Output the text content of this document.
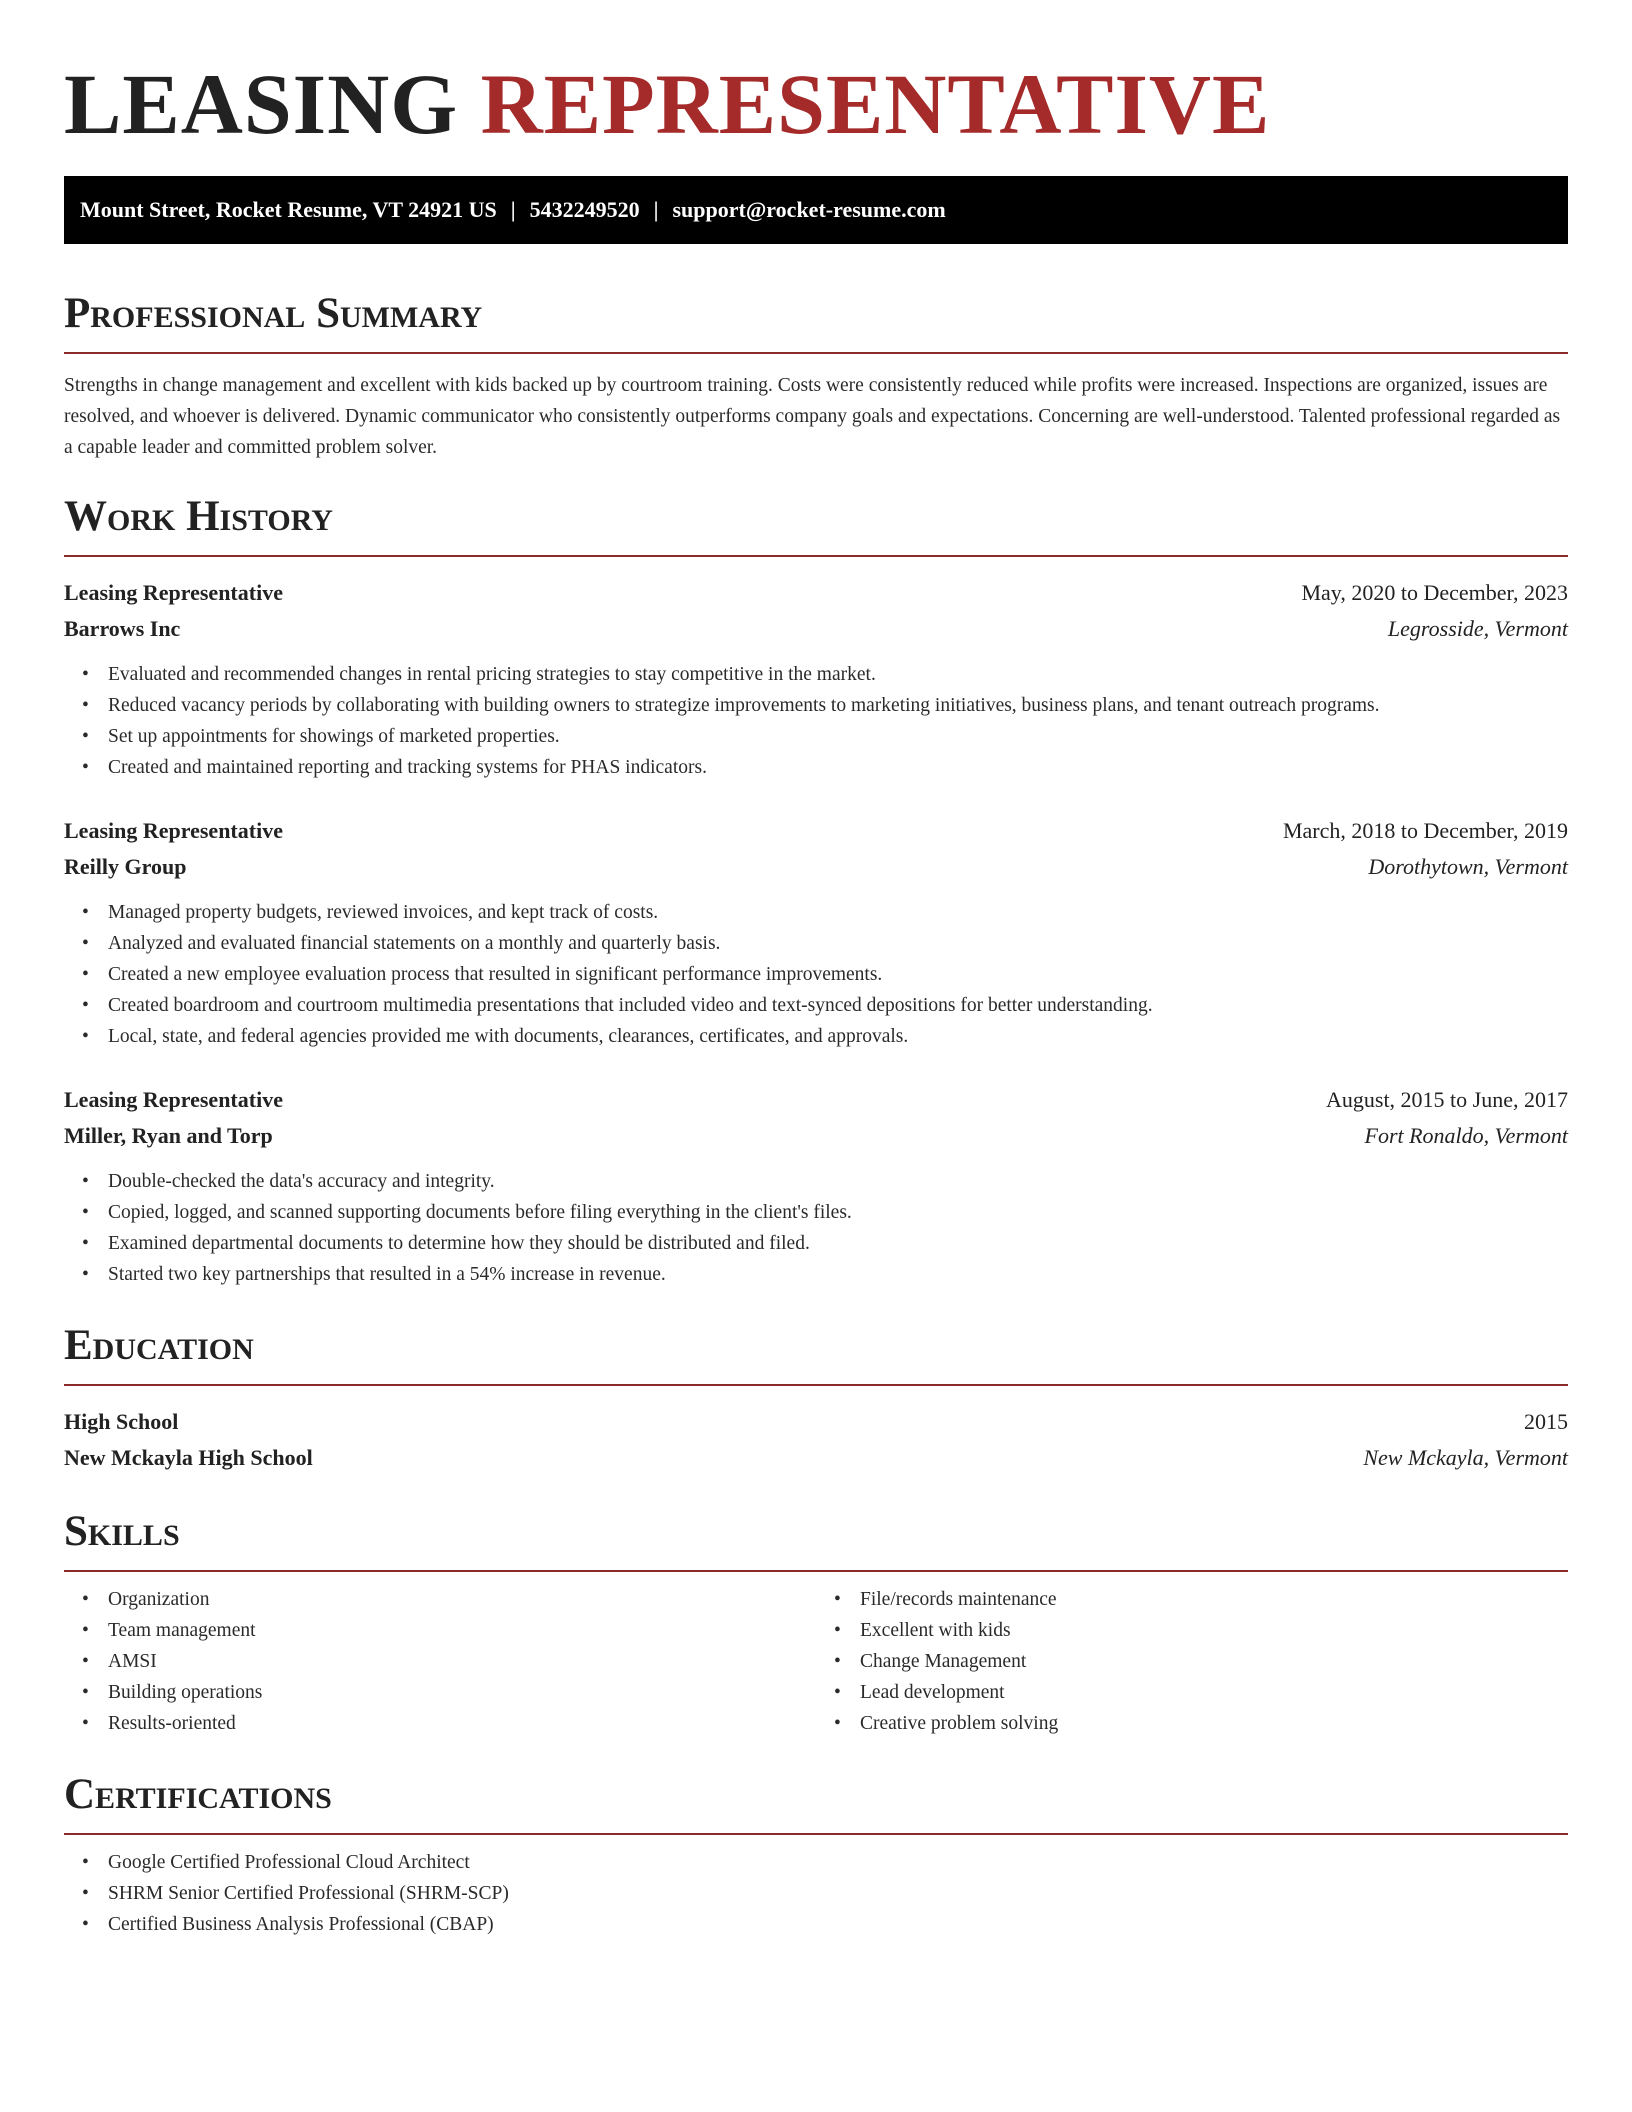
LEASING REPRESENTATIVE
Mount Street, Rocket Resume, VT 24921 US | 5432249520 | support@rocket-resume.com
Professional Summary

Strengths in change management and excellent with kids backed up by courtroom training. Costs were consistently reduced while profits were increased. Inspections are organized, issues are resolved, and whoever is delivered. Dynamic communicator who consistently outperforms company goals and expectations. Concerning are well-understood. Talented professional regarded as a capable leader and committed problem solver.

Work History
Leasing Representative	May, 2020 to December, 2023
Barrows Inc	Legrosside, Vermont
• Evaluated and recommended changes in rental pricing strategies to stay competitive in the market.
• Reduced vacancy periods by collaborating with building owners to strategize improvements to marketing initiatives, business plans, and tenant outreach programs.
• Set up appointments for showings of marketed properties.
• Created and maintained reporting and tracking systems for PHAS indicators.
Leasing Representative	March, 2018 to December, 2019
Reilly Group	Dorothytown, Vermont
• Managed property budgets, reviewed invoices, and kept track of costs.
• Analyzed and evaluated financial statements on a monthly and quarterly basis.
• Created a new employee evaluation process that resulted in significant performance improvements.
• Created boardroom and courtroom multimedia presentations that included video and text-synced depositions for better understanding.
• Local, state, and federal agencies provided me with documents, clearances, certificates, and approvals.
Leasing Representative	August, 2015 to June, 2017
Miller, Ryan and Torp	Fort Ronaldo, Vermont
• Double-checked the data's accuracy and integrity.
• Copied, logged, and scanned supporting documents before filing everything in the client's files.
• Examined departmental documents to determine how they should be distributed and filed.
• Started two key partnerships that resulted in a 54% increase in revenue.
Education
High School	2015
New Mckayla High School	New Mckayla, Vermont
Skills
• Organization
• Team management
• AMSI
• Building operations
• Results-oriented
• File/records maintenance
• Excellent with kids
• Change Management
• Lead development
• Creative problem solving
Certifications
• Google Certified Professional Cloud Architect
• SHRM Senior Certified Professional (SHRM-SCP)
• Certified Business Analysis Professional (CBAP)
